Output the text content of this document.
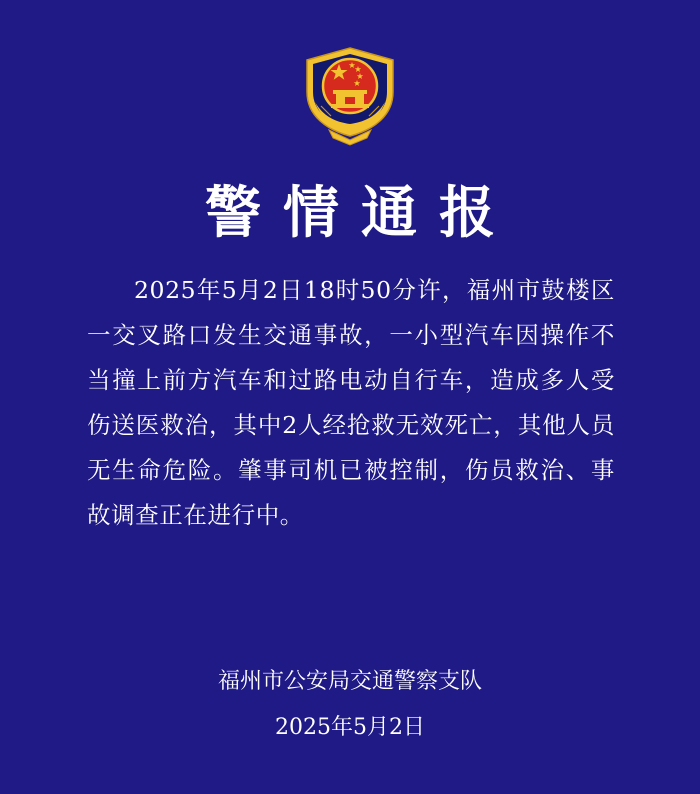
警情通报

2025年5月2日18时50分许，福州市鼓楼区一交叉路口发生交通事故，一小型汽车因操作不当撞上前方汽车和过路电动自行车，造成多人受伤送医救治，其中2人经抢救无效死亡，其他人员无生命危险。肇事司机已被控制，伤员救治、事故调查正在进行中。

福州市公安局交通警察支队
2025年5月2日
